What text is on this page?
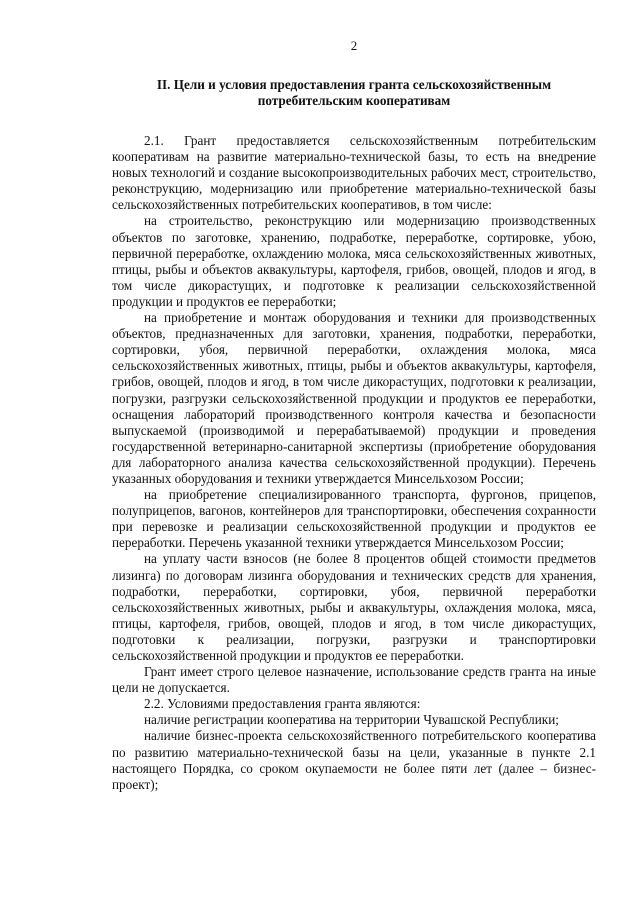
2
II. Цели и условия предоставления гранта сельскохозяйственным
потребительским кооперативам

2.1. Грант предоставляется сельскохозяйственным потребительским кооперативам на развитие материально-технической базы, то есть на внедрение новых технологий и создание высокопроизводительных рабочих мест, строительство, реконструкцию, модернизацию или приобретение материально-технической базы сельскохозяйственных потребительских кооперативов, в том числе:

на строительство, реконструкцию или модернизацию производственных объектов по заготовке, хранению, подработке, переработке, сортировке, убою, первичной переработке, охлаждению молока, мяса сельскохозяйственных животных, птицы, рыбы и объектов аквакультуры, картофеля, грибов, овощей, плодов и ягод, в том числе дикорастущих, и подготовке к реализации сельскохозяйственной продукции и продуктов ее переработки;

на приобретение и монтаж оборудования и техники для производственных объектов, предназначенных для заготовки, хранения, подработки, переработки, сортировки, убоя, первичной переработки, охлаждения молока, мяса сельскохозяйственных животных, птицы, рыбы и объектов аквакультуры, картофеля, грибов, овощей, плодов и ягод, в том числе дикорастущих, подготовки к реализации, погрузки, разгрузки сельскохозяйственной продукции и продуктов ее переработки, оснащения лабораторий производственного контроля качества и безопасности выпускаемой (производимой и перерабатываемой) продукции и проведения государственной ветеринарно-санитарной экспертизы (приобретение оборудования для лабораторного анализа качества сельскохозяйственной продукции). Перечень указанных оборудования и техники утверждается Минсельхозом России;

на приобретение специализированного транспорта, фургонов, прицепов, полуприцепов, вагонов, контейнеров для транспортировки, обеспечения сохранности при перевозке и реализации сельскохозяйственной продукции и продуктов ее переработки. Перечень указанной техники утверждается Минсельхозом России;

на уплату части взносов (не более 8 процентов общей стоимости предметов лизинга) по договорам лизинга оборудования и технических средств для хранения, подработки, переработки, сортировки, убоя, первичной переработки сельскохозяйственных животных, рыбы и аквакультуры, охлаждения молока, мяса, птицы, картофеля, грибов, овощей, плодов и ягод, в том числе дикорастущих, подготовки к реализации, погрузки, разгрузки и транспортировки сельскохозяйственной продукции и продуктов ее переработки.

Грант имеет строго целевое назначение, использование средств гранта на иные цели не допускается.

2.2. Условиями предоставления гранта являются:

наличие регистрации кооператива на территории Чувашской Республики;

наличие бизнес-проекта сельскохозяйственного потребительского кооператива по развитию материально-технической базы на цели, указанные в пункте 2.1 настоящего Порядка, со сроком окупаемости не более пяти лет (далее – бизнес-проект);
